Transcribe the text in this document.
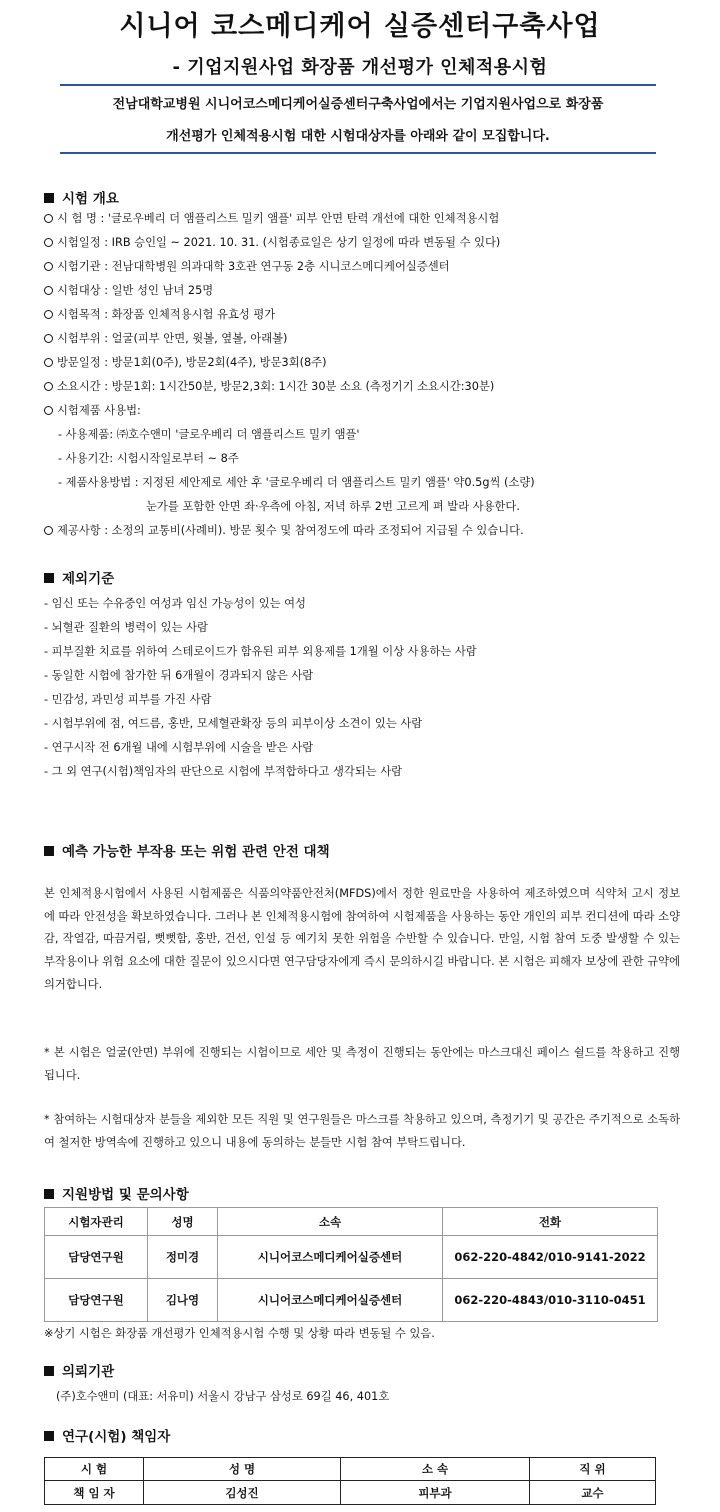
시니어 코스메디케어 실증센터구축사업
- 기업지원사업 화장품 개선평가 인체적용시험
전남대학교병원 시니어코스메디케어실증센터구축사업에서는 기업지원사업으로 화장품
개선평가 인체적용시험 대한 시험대상자를 아래와 같이 모집합니다.
시험 개요
시 험 명 : '글로우베리 더 앰플리스트 밀키 앰플' 피부 안면 탄력 개선에 대한 인체적용시험
시험일정 : IRB 승인일 ~ 2021. 10. 31. (시험종료일은 상기 일정에 따라 변동될 수 있다)
시험기관 : 전남대학병원 의과대학 3호관 연구동 2층 시니코스메디케어실증센터
시험대상 : 일반 성인 남녀 25명
시험목적 : 화장품 인체적용시험 유효성 평가
시험부위 : 얼굴(피부 안면, 윗볼, 옆볼, 아래볼)
방문일정 : 방문1회(0주), 방문2회(4주), 방문3회(8주)
소요시간 : 방문1회: 1시간50분, 방문2,3회: 1시간 30분 소요 (측정기기 소요시간:30분)
시험제품 사용법:
- 사용제품: ㈜호수앤미 '글로우베리 더 앰플리스트 밀키 앰플'
- 사용기간: 시험시작일로부터 ~ 8주
- 제품사용방법 : 지정된 세안제로 세안 후 '글로우베리 더 앰플리스트 밀키 앰플' 약0.5g씩 (소량)
눈가를 포함한 안면 좌·우측에 아침, 저녁 하루 2번 고르게 펴 발라 사용한다.
제공사항 : 소정의 교통비(사례비). 방문 횟수 및 참여정도에 따라 조정되어 지급될 수 있습니다.
제외기준
- 임신 또는 수유중인 여성과 임신 가능성이 있는 여성
- 뇌혈관 질환의 병력이 있는 사람
- 피부질환 치료를 위하여 스테로이드가 함유된 피부 외용제를 1개월 이상 사용하는 사람
- 동일한 시험에 참가한 뒤 6개월이 경과되지 않은 사람
- 민감성, 과민성 피부를 가진 사람
- 시험부위에 점, 여드름, 홍반, 모세혈관확장 등의 피부이상 소견이 있는 사람
- 연구시작 전 6개월 내에 시험부위에 시술을 받은 사람
- 그 외 연구(시험)책임자의 판단으로 시험에 부적합하다고 생각되는 사람
예측 가능한 부작용 또는 위험 관련 안전 대책
본 인체적용시험에서 사용된 시험제품은 식품의약품안전처(MFDS)에서 정한 원료만을 사용하여 제조하였으며 식약처 고시 정보에 따라 안전성을 확보하였습니다. 그러나 본 인체적용시험에 참여하여 시험제품을 사용하는 동안 개인의 피부 컨디션에 따라 소양감, 작열감, 따끔거림, 뻣뻣함, 홍반, 건선, 인설 등 예기치 못한 위험을 수반할 수 있습니다. 만일, 시험 참여 도중 발생할 수 있는 부작용이나 위험 요소에 대한 질문이 있으시다면 연구담당자에게 즉시 문의하시길 바랍니다. 본 시험은 피해자 보상에 관한 규약에 의거합니다.
* 본 시험은 얼굴(안면) 부위에 진행되는 시험이므로 세안 및 측정이 진행되는 동안에는 마스크대신 페이스 쉴드를 착용하고 진행됩니다.
* 참여하는 시험대상자 분들을 제외한 모든 직원 및 연구원들은 마스크를 착용하고 있으며, 측정기기 및 공간은 주기적으로 소독하여 철저한 방역속에 진행하고 있으니 내용에 동의하는 분들만 시험 참여 부탁드립니다.
지원방법 및 문의사항
시험자관리	성명	소속	전화
담당연구원	정미경	시니어코스메디케어실증센터	062-220-4842/010-9141-2022
담당연구원	김나영	시니어코스메디케어실증센터	062-220-4843/010-3110-0451
※상기 시험은 화장품 개선평가 인체적용시험 수행 및 상황 따라 변동될 수 있음.
의뢰기관
(주)호수앤미 (대표: 서유미) 서울시 강남구 삼성로 69길 46, 401호
연구(시험) 책임자
시 험	성 명	소 속	직 위
책 임 자	김성진	피부과	교수
